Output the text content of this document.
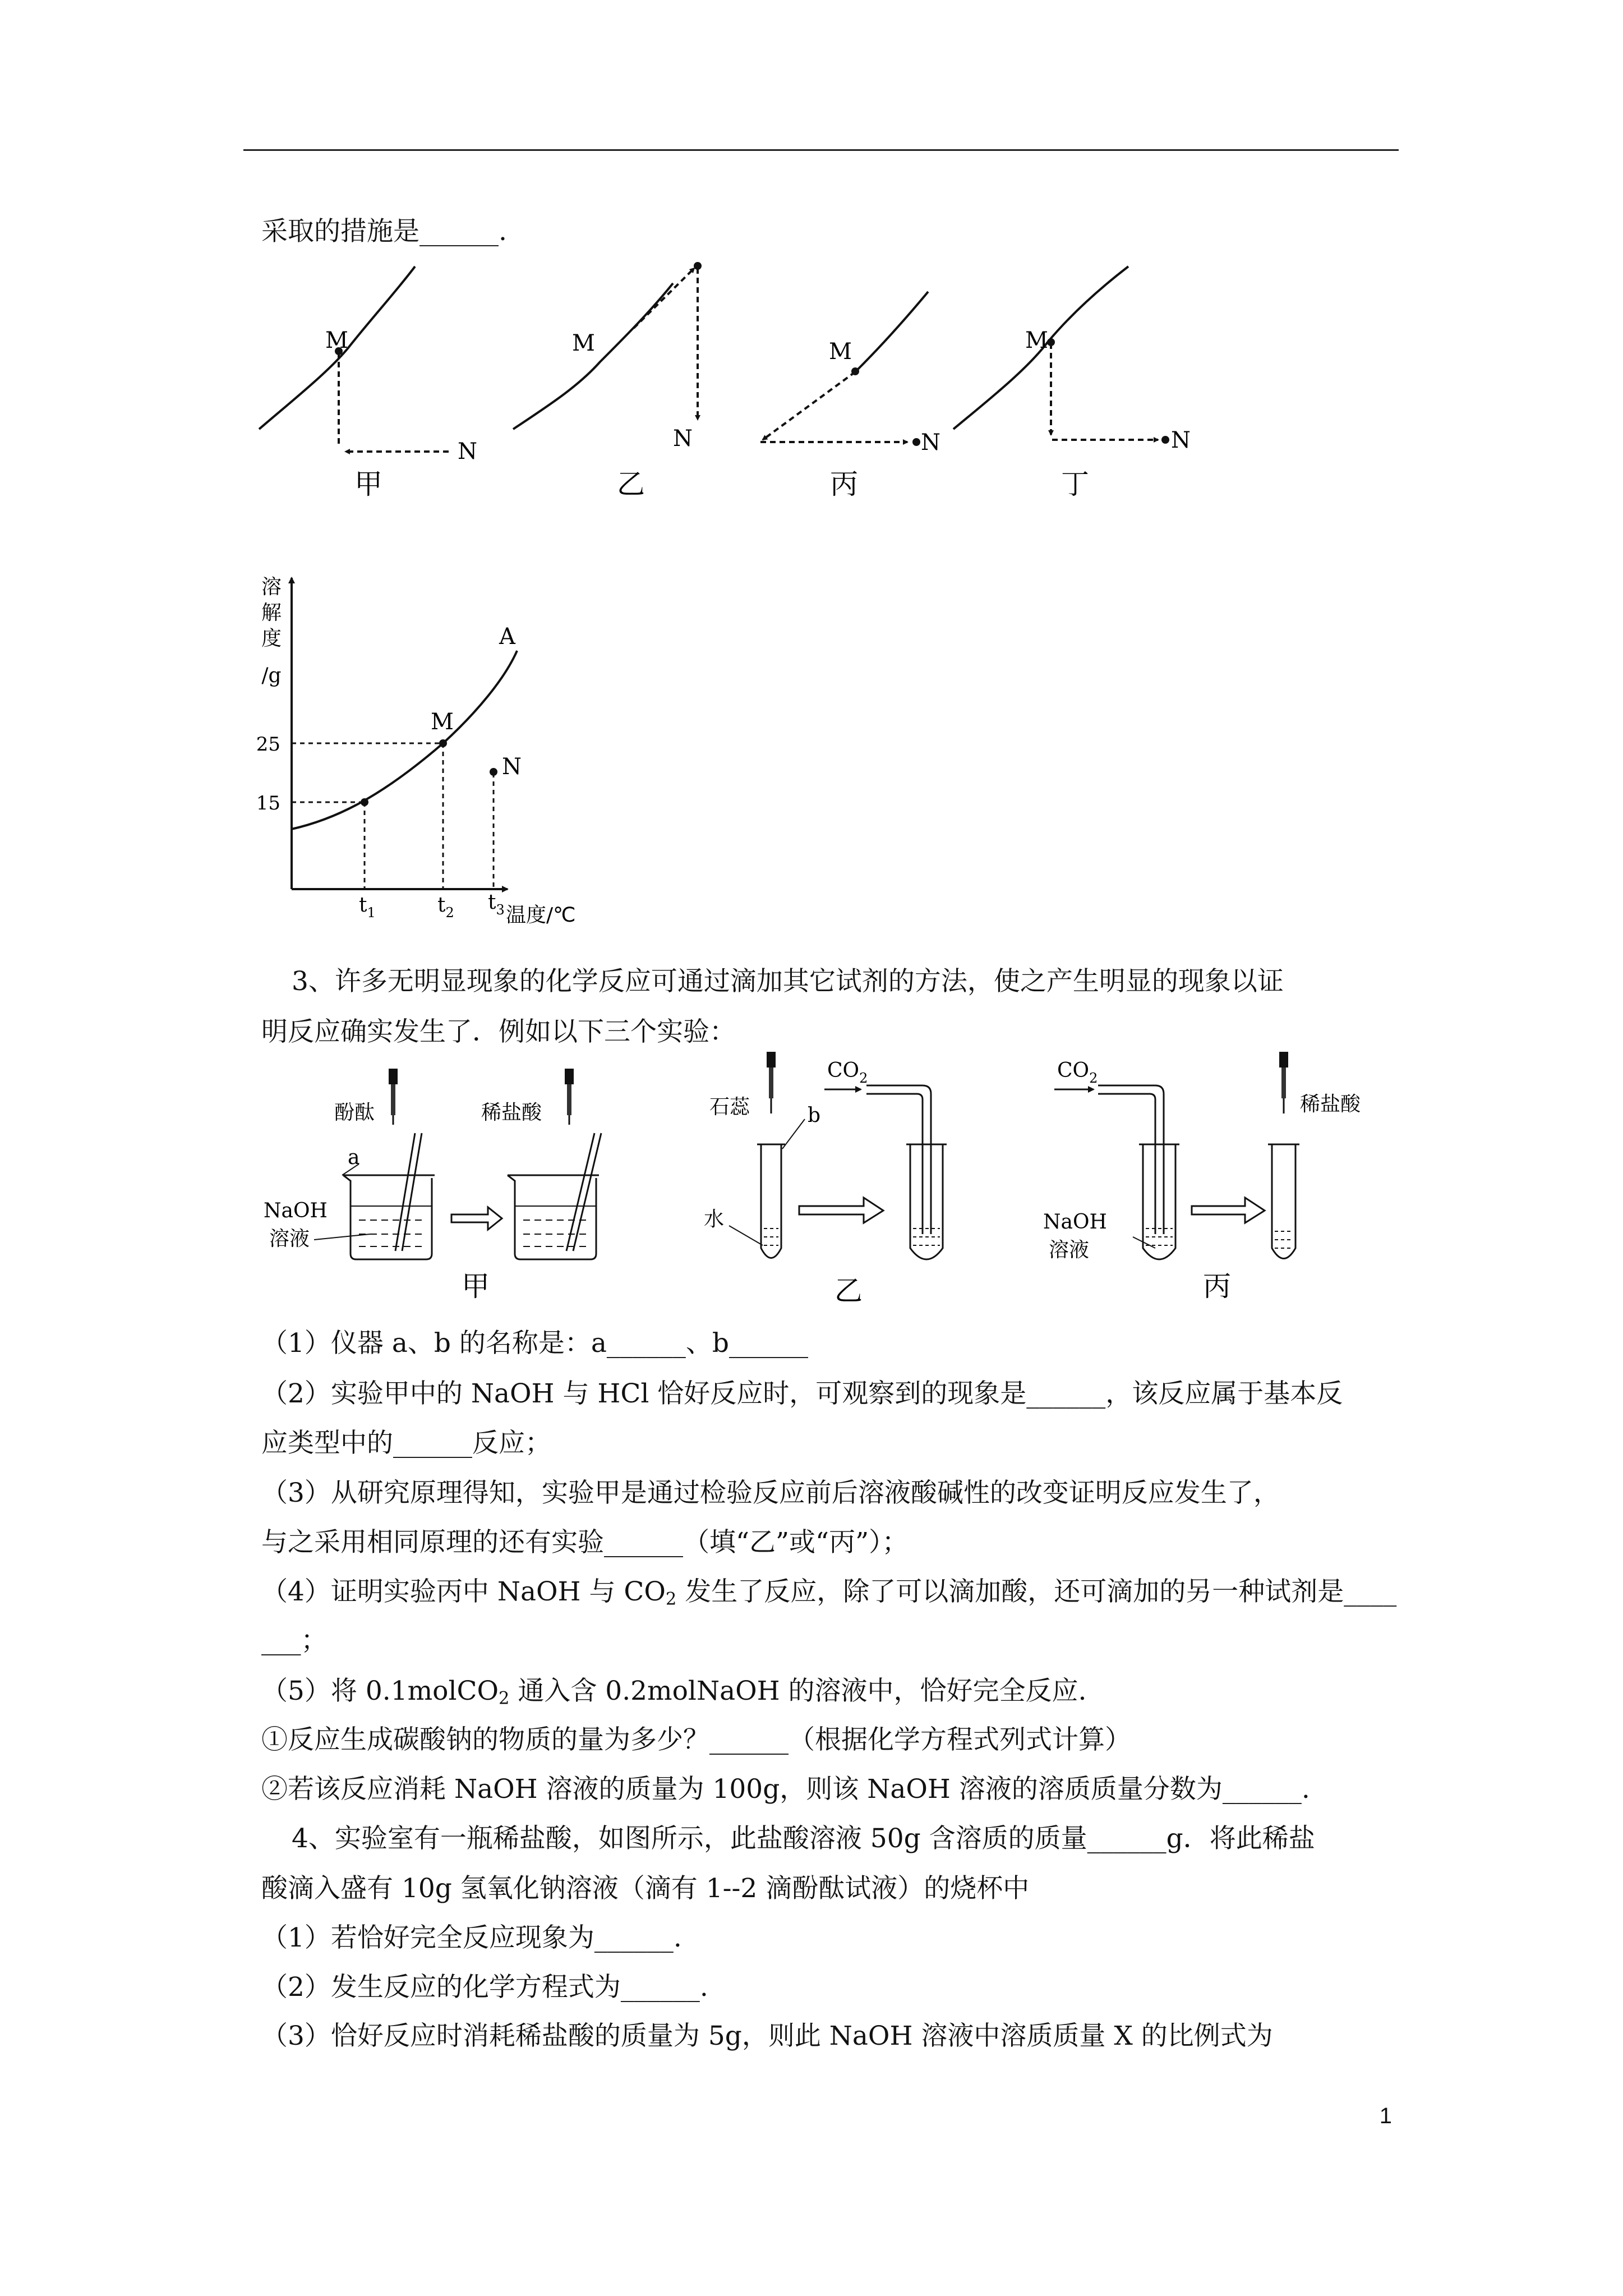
采取的措施是______.
M
N
甲
M
N
乙
M
N
丙
M
N
丁
溶
解
度
/g
A
M
N
25
15
$t_1$	$t_2$ $t_3$ 温度/℃
3、许多无明显现象的化学反应可通过滴加其它试剂的方法，使之产生明显的现象以证
明反应确实发生了．例如以下三个实验：
酚酞
a
NaOH
溶液
稀盐酸
甲
石蕊	b
水
$CO_2$
乙
$CO_2$
NaOH
溶液
稀盐酸
丙
（1）仪器 a、b 的名称是：a______、b______
（2）实验甲中的 NaOH 与 HCl 恰好反应时，可观察到的现象是______，该反应属于基本反
应类型中的______反应；
（3）从研究原理得知，实验甲是通过检验反应前后溶液酸碱性的改变证明反应发生了，
与之采用相同原理的还有实验______（填“乙”或“丙”）；
（4）证明实验丙中 NaOH 与 $CO_2$ 发生了反应，除了可以滴加酸，还可滴加的另一种试剂是____
___；
（5）将 0.1molCO$_2$ 通入含 0.2molNaOH 的溶液中，恰好完全反应.
①反应生成碳酸钠的物质的量为多少？______（根据化学方程式列式计算）
②若该反应消耗 NaOH 溶液的质量为 100g，则该 NaOH 溶液的溶质质量分数为______.
4、实验室有一瓶稀盐酸，如图所示，此盐酸溶液 50g 含溶质的质量______g．将此稀盐
酸滴入盛有 10g 氢氧化钠溶液（滴有 1--2 滴酚酞试液）的烧杯中
（1）若恰好完全反应现象为______.
（2）发生反应的化学方程式为______.
（3）恰好反应时消耗稀盐酸的质量为 5g，则此 NaOH 溶液中溶质质量 X 的比例式为
1
